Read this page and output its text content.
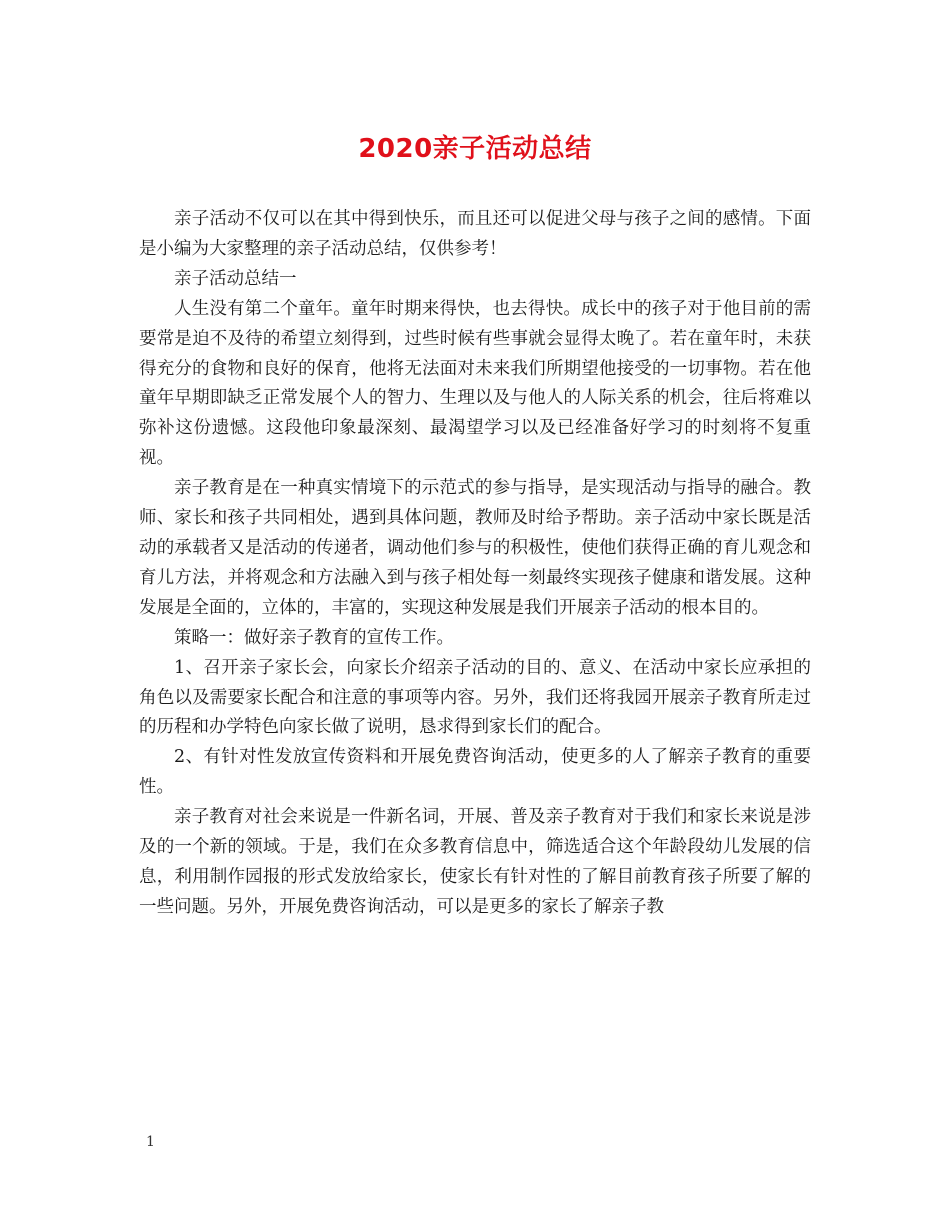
2020亲子活动总结

亲子活动不仅可以在其中得到快乐，而且还可以促进父母与孩子之间的感情。下面是小编为大家整理的亲子活动总结，仅供参考！

亲子活动总结一

人生没有第二个童年。童年时期来得快，也去得快。成长中的孩子对于他目前的需要常是迫不及待的希望立刻得到，过些时候有些事就会显得太晚了。若在童年时，未获得充分的食物和良好的保育，他将无法面对未来我们所期望他接受的一切事物。若在他童年早期即缺乏正常发展个人的智力、生理以及与他人的人际关系的机会，往后将难以弥补这份遗憾。这段他印象最深刻、最渴望学习以及已经准备好学习的时刻将不复重视。

亲子教育是在一种真实情境下的示范式的参与指导，是实现活动与指导的融合。教师、家长和孩子共同相处，遇到具体问题，教师及时给予帮助。亲子活动中家长既是活动的承载者又是活动的传递者，调动他们参与的积极性，使他们获得正确的育儿观念和育儿方法，并将观念和方法融入到与孩子相处每一刻最终实现孩子健康和谐发展。这种发展是全面的，立体的，丰富的，实现这种发展是我们开展亲子活动的根本目的。

策略一：做好亲子教育的宣传工作。

1、召开亲子家长会，向家长介绍亲子活动的目的、意义、在活动中家长应承担的角色以及需要家长配合和注意的事项等内容。另外，我们还将我园开展亲子教育所走过的历程和办学特色向家长做了说明，恳求得到家长们的配合。

2、有针对性发放宣传资料和开展免费咨询活动，使更多的人了解亲子教育的重要性。

亲子教育对社会来说是一件新名词，开展、普及亲子教育对于我们和家长来说是涉及的一个新的领域。于是，我们在众多教育信息中，筛选适合这个年龄段幼儿发展的信息，利用制作园报的形式发放给家长，使家长有针对性的了解目前教育孩子所要了解的一些问题。另外，开展免费咨询活动，可以是更多的家长了解亲子教

1
